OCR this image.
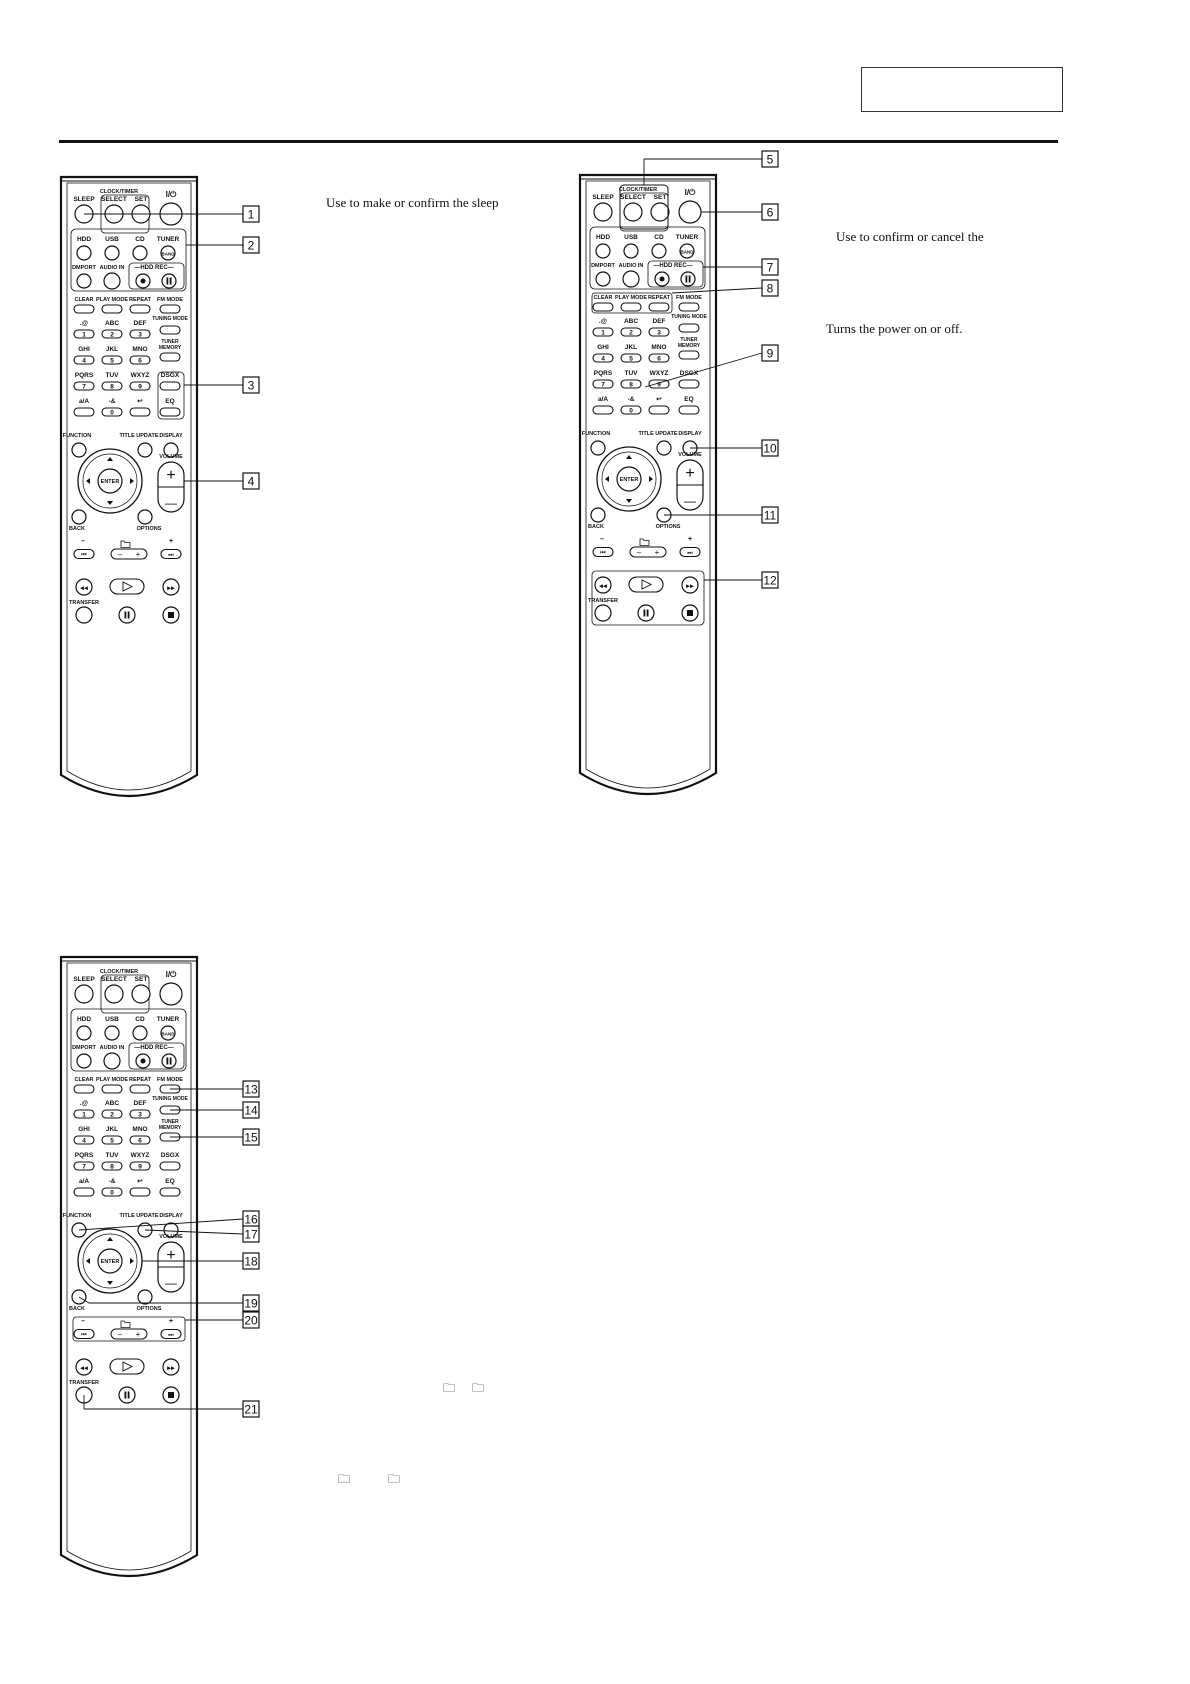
CLOCK/TIMER
SLEEP SELECT SET
I/⏻
HDD USB	CD TUNER
BAND
DMPORT AUDIO IN —HDD REC—
CLEAR PLAY MODE REPEAT FM MODE
.@
1
ABC
2
DEF
3
GHI
4
JKL
5
MNO
6
PQRS
7
TUV
8
WXYZ
9
a/A	-&
0
↩
TUNING MODE
TUNER
MEMORY
DSGX
EQ
FUNCTION	TITLE UPDATE DISPLAY
ENTER
VOLUME
+
—
BACK	OPTIONS
–	+
⏮	– +	⏭
◀◀	▶▶
TRANSFER
1
2
3
4
CLOCK/TIMER
SLEEP SELECT SET
I/⏻
HDD USB	CD TUNER
BAND
DMPORT AUDIO IN —HDD REC—
CLEAR PLAY MODE REPEAT FM MODE
.@
1
ABC
2
DEF
3
GHI
4
JKL
5
MNO
6
PQRS
7
TUV
8
WXYZ
9
a/A	-&
0
↩
TUNING MODE
TUNER
MEMORY
DSGX
EQ
FUNCTION	TITLE UPDATE DISPLAY
ENTER
VOLUME
+
—
BACK	OPTIONS
–	+
⏮	– +	⏭
◀◀	▶▶
TRANSFER
5
6
7
8
9
10
11
12
CLOCK/TIMER
SLEEP SELECT SET
I/⏻
HDD USB	CD TUNER
BAND
DMPORT AUDIO IN —HDD REC—
CLEAR PLAY MODE REPEAT FM MODE
.@
1
ABC
2
DEF
3
GHI
4
JKL
5
MNO
6
PQRS
7
TUV
8
WXYZ
9
a/A	-&
0
↩
TUNING MODE
TUNER
MEMORY
DSGX
EQ
FUNCTION	TITLE UPDATE DISPLAY
ENTER
VOLUME
+
—
BACK	OPTIONS
–	+
⏮	– +	⏭
◀◀	▶▶
TRANSFER
13
14
15
16
17
18
19
20
21
Use to make or confirm the sleep
Use to confirm or cancel the
Turns the power on or off.
🗀 🗀
🗀	🗀
